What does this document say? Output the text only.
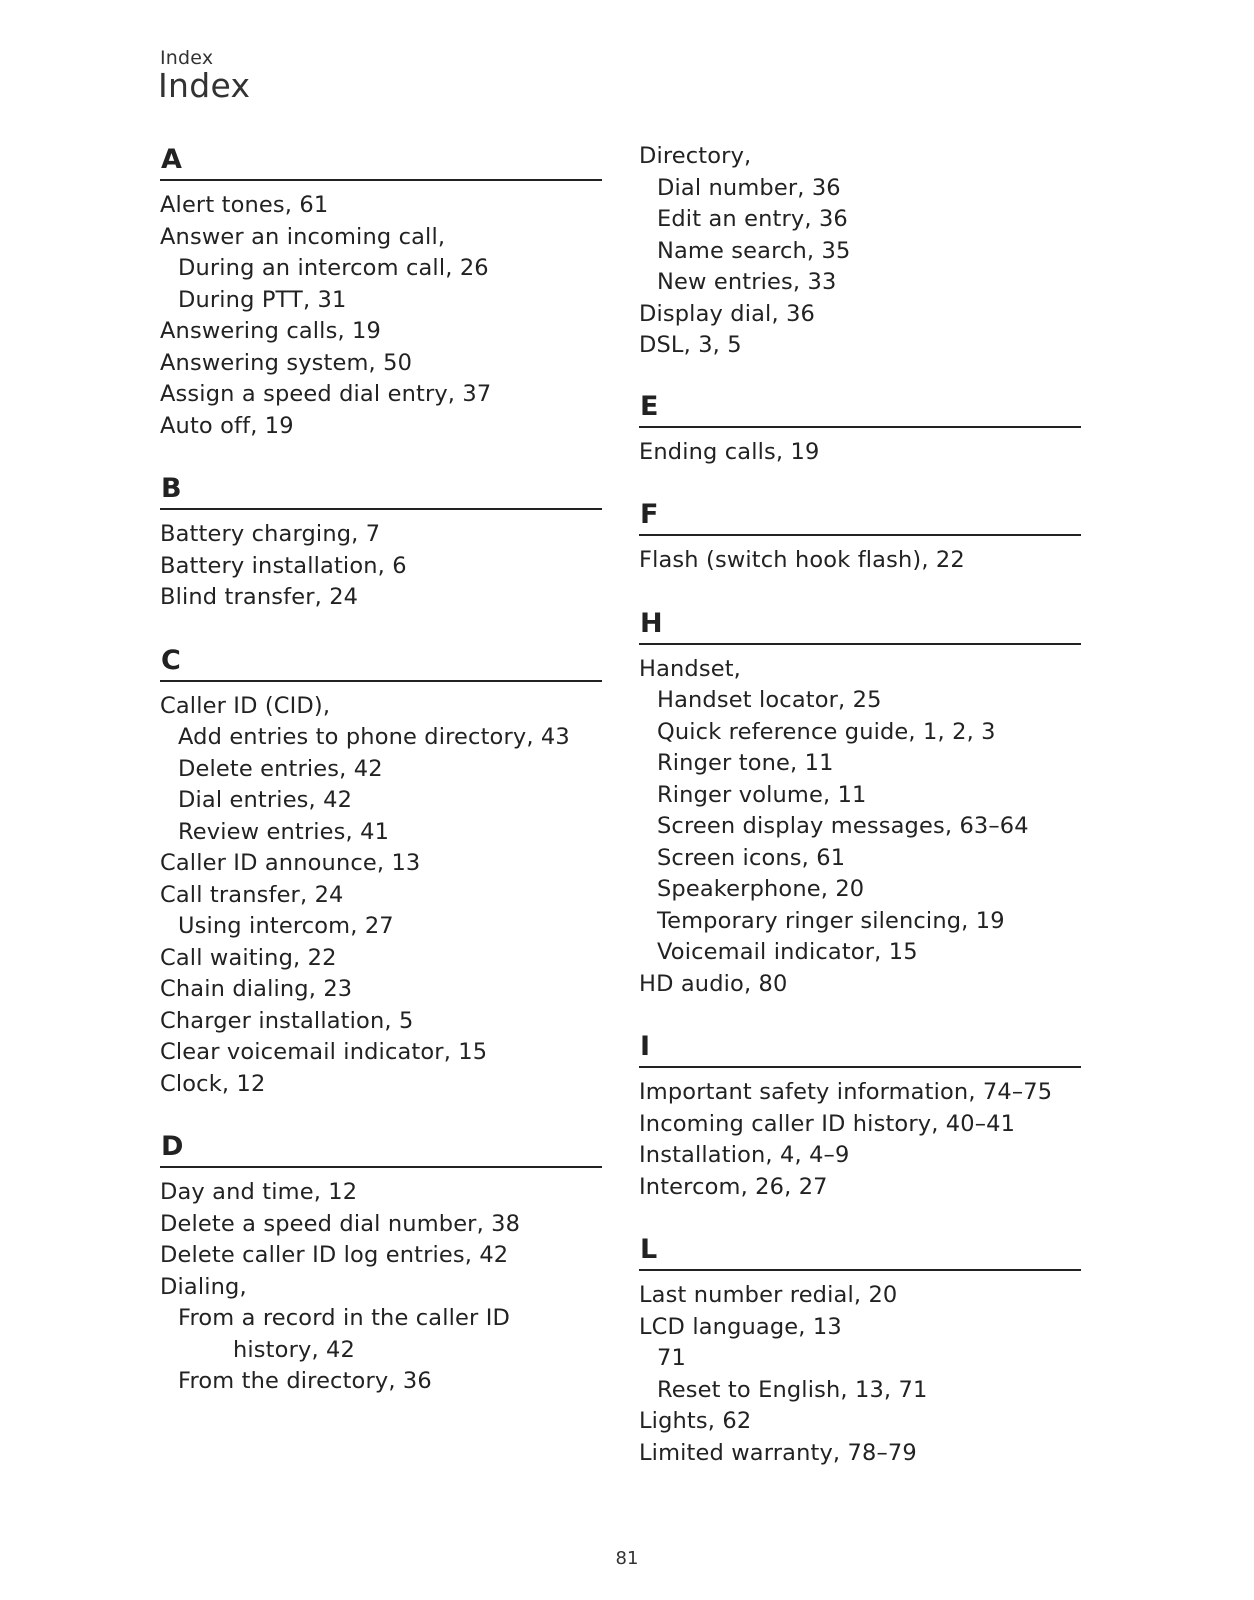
Index
Index
A
Alert tones, 61
Answer an incoming call,
During an intercom call, 26
During PTT, 31
Answering calls, 19
Answering system, 50
Assign a speed dial entry, 37
Auto off, 19
B
Battery charging, 7
Battery installation, 6
Blind transfer, 24
C
Caller ID (CID),
Add entries to phone directory, 43
Delete entries, 42
Dial entries, 42
Review entries, 41
Caller ID announce, 13
Call transfer, 24
Using intercom, 27
Call waiting, 22
Chain dialing, 23
Charger installation, 5
Clear voicemail indicator, 15
Clock, 12
D
Day and time, 12
Delete a speed dial number, 38
Delete caller ID log entries, 42
Dialing,
From a record in the caller ID
history, 42
From the directory, 36
Directory,
Dial number, 36
Edit an entry, 36
Name search, 35
New entries, 33
Display dial, 36
DSL, 3, 5
E
Ending calls, 19
F
Flash (switch hook flash), 22
H
Handset,
Handset locator, 25
Quick reference guide, 1, 2, 3
Ringer tone, 11
Ringer volume, 11
Screen display messages, 63–64
Screen icons, 61
Speakerphone, 20
Temporary ringer silencing, 19
Voicemail indicator, 15
HD audio, 80
I
Important safety information, 74–75
Incoming caller ID history, 40–41
Installation, 4, 4–9
Intercom, 26, 27
L
Last number redial, 20
LCD language, 13
71
Reset to English, 13, 71
Lights, 62
Limited warranty, 78–79
81
